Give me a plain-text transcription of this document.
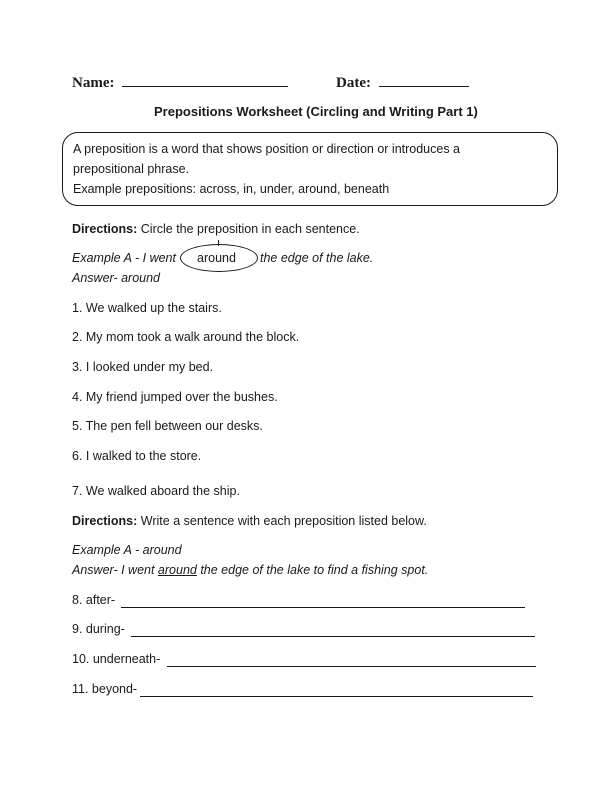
Name:	Date:
Prepositions Worksheet (Circling and Writing Part 1)
A preposition is a word that shows position or direction or introduces a
prepositional phrase.
Example prepositions: across, in, under, around, beneath
Directions: Circle the preposition in each sentence.
Example A - I went around the edge of the lake.
Answer- around
1. We walked up the stairs.
2. My mom took a walk around the block.
3. I looked under my bed.
4. My friend jumped over the bushes.
5. The pen fell between our desks.
6. I walked to the store.
7. We walked aboard the ship.
Directions: Write a sentence with each preposition listed below.
Example A - around
Answer- I went around the edge of the lake to find a fishing spot.
8. after-
9. during-
10. underneath-
11. beyond-
